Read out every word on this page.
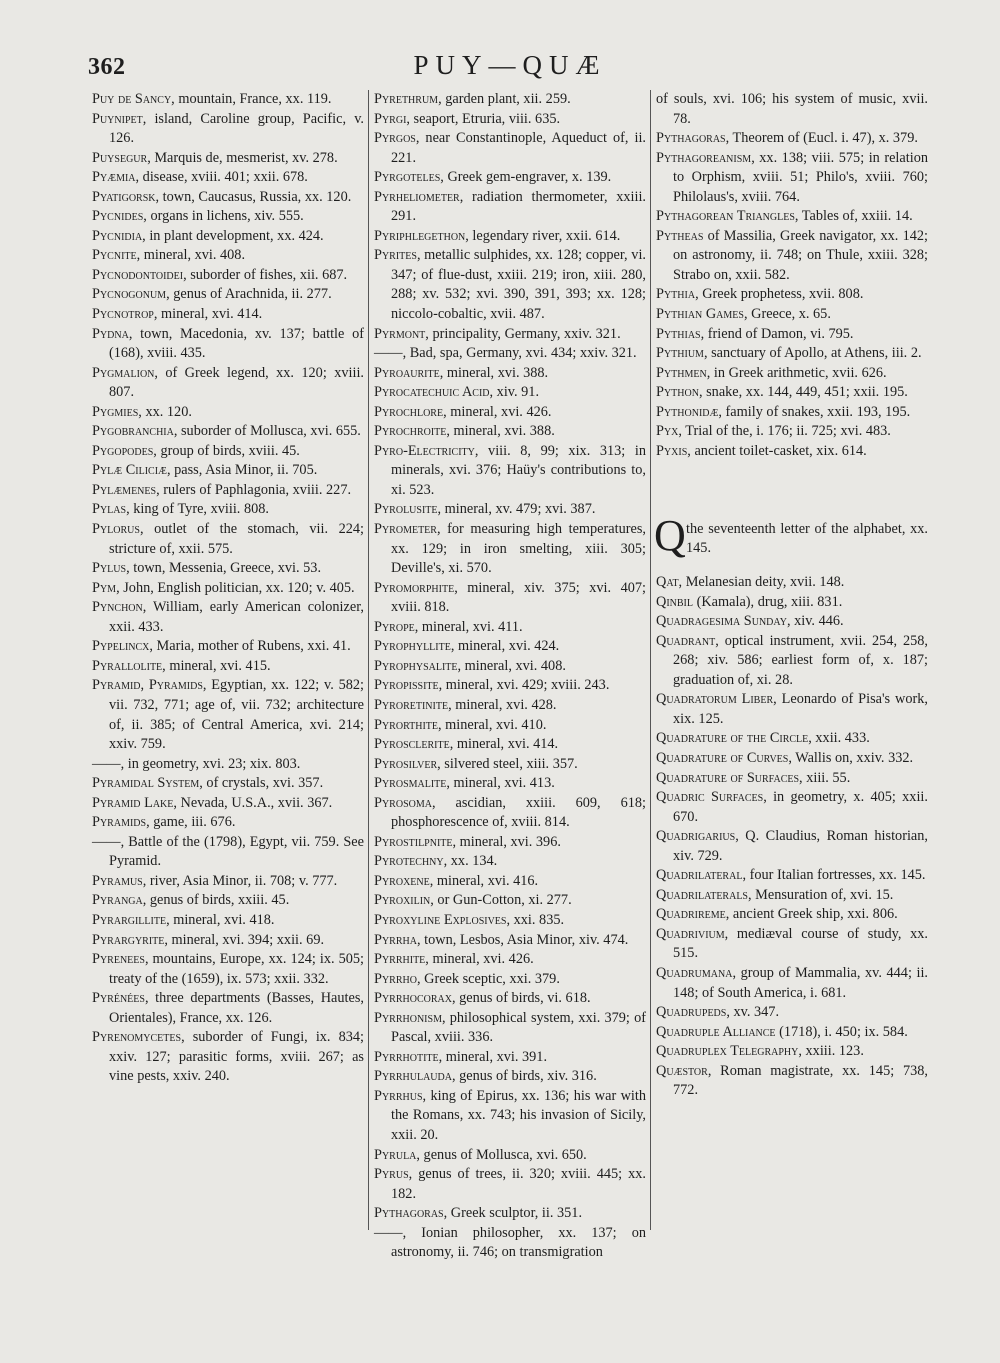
362	PUY—QUÆ

Puy de Sancy, mountain, France, xx. 119.

Puynipet, island, Caroline group, Pacific, v. 126.

Puysegur, Marquis de, mesmerist, xv. 278.

Pyæmia, disease, xviii. 401; xxii. 678.

Pyatigorsk, town, Caucasus, Russia, xx. 120.

Pycnides, organs in lichens, xiv. 555.

Pycnidia, in plant development, xx. 424.

Pycnite, mineral, xvi. 408.

Pycnodontoidei, suborder of fishes, xii. 687.

Pycnogonum, genus of Arachnida, ii. 277.

Pycnotrop, mineral, xvi. 414.

Pydna, town, Macedonia, xv. 137; battle of (168), xviii. 435.

Pygmalion, of Greek legend, xx. 120; xviii. 807.

Pygmies, xx. 120.

Pygobranchia, suborder of Mollusca, xvi. 655.

Pygopodes, group of birds, xviii. 45.

Pylæ Ciliciæ, pass, Asia Minor, ii. 705.

Pylæmenes, rulers of Paphlagonia, xviii. 227.

Pylas, king of Tyre, xviii. 808.

Pylorus, outlet of the stomach, vii. 224; stricture of, xxii. 575.

Pylus, town, Messenia, Greece, xvi. 53.

Pym, John, English politician, xx. 120; v. 405.

Pynchon, William, early American colonizer, xxii. 433.

Pypelincx, Maria, mother of Rubens, xxi. 41.

Pyrallolite, mineral, xvi. 415.

Pyramid, Pyramids, Egyptian, xx. 122; v. 582; vii. 732, 771; age of, vii. 732; architecture of, ii. 385; of Central America, xvi. 214; xxiv. 759.

——, in geometry, xvi. 23; xix. 803.

Pyramidal System, of crystals, xvi. 357.

Pyramid Lake, Nevada, U.S.A., xvii. 367.

Pyramids, game, iii. 676.

——, Battle of the (1798), Egypt, vii. 759. See Pyramid.

Pyramus, river, Asia Minor, ii. 708; v. 777.

Pyranga, genus of birds, xxiii. 45.

Pyrargillite, mineral, xvi. 418.

Pyrargyrite, mineral, xvi. 394; xxii. 69.

Pyrenees, mountains, Europe, xx. 124; ix. 505; treaty of the (1659), ix. 573; xxii. 332.

Pyrénées, three departments (Basses, Hautes, Orientales), France, xx. 126.

Pyrenomycetes, suborder of Fungi, ix. 834; xxiv. 127; parasitic forms, xviii. 267; as vine pests, xxiv. 240.

Pyrethrum, garden plant, xii. 259.

Pyrgi, seaport, Etruria, viii. 635.

Pyrgos, near Constantinople, Aqueduct of, ii. 221.

Pyrgoteles, Greek gem-engraver, x. 139.

Pyrheliometer, radiation thermometer, xxiii. 291.

Pyriphlegethon, legendary river, xxii. 614.

Pyrites, metallic sulphides, xx. 128; copper, vi. 347; of flue-dust, xxiii. 219; iron, xiii. 280, 288; xv. 532; xvi. 390, 391, 393; xx. 128; niccolo-cobaltic, xvii. 487.

Pyrmont, principality, Germany, xxiv. 321.

——, Bad, spa, Germany, xvi. 434; xxiv. 321.

Pyroaurite, mineral, xvi. 388.

Pyrocatechuic Acid, xiv. 91.

Pyrochlore, mineral, xvi. 426.

Pyrochroite, mineral, xvi. 388.

Pyro-Electricity, viii. 8, 99; xix. 313; in minerals, xvi. 376; Haüy's contributions to, xi. 523.

Pyrolusite, mineral, xv. 479; xvi. 387.

Pyrometer, for measuring high temperatures, xx. 129; in iron smelting, xiii. 305; Deville's, xi. 570.

Pyromorphite, mineral, xiv. 375; xvi. 407; xviii. 818.

Pyrope, mineral, xvi. 411.

Pyrophyllite, mineral, xvi. 424.

Pyrophysalite, mineral, xvi. 408.

Pyropissite, mineral, xvi. 429; xviii. 243.

Pyroretinite, mineral, xvi. 428.

Pyrorthite, mineral, xvi. 410.

Pyrosclerite, mineral, xvi. 414.

Pyrosilver, silvered steel, xiii. 357.

Pyrosmalite, mineral, xvi. 413.

Pyrosoma, ascidian, xxiii. 609, 618; phosphorescence of, xviii. 814.

Pyrostilpnite, mineral, xvi. 396.

Pyrotechny, xx. 134.

Pyroxene, mineral, xvi. 416.

Pyroxilin, or Gun-Cotton, xi. 277.

Pyroxyline Explosives, xxi. 835.

Pyrrha, town, Lesbos, Asia Minor, xiv. 474.

Pyrrhite, mineral, xvi. 426.

Pyrrho, Greek sceptic, xxi. 379.

Pyrrhocorax, genus of birds, vi. 618.

Pyrrhonism, philosophical system, xxi. 379; of Pascal, xviii. 336.

Pyrrhotite, mineral, xvi. 391.

Pyrrhulauda, genus of birds, xiv. 316.

Pyrrhus, king of Epirus, xx. 136; his war with the Romans, xx. 743; his invasion of Sicily, xxii. 20.

Pyrula, genus of Mollusca, xvi. 650.

Pyrus, genus of trees, ii. 320; xviii. 445; xx. 182.

Pythagoras, Greek sculptor, ii. 351.

——, Ionian philosopher, xx. 137; on astronomy, ii. 746; on transmigration

of souls, xvi. 106; his system of music, xvii. 78.

Pythagoras, Theorem of (Eucl. i. 47), x. 379.

Pythagoreanism, xx. 138; viii. 575; in relation to Orphism, xviii. 51; Philo's, xviii. 760; Philolaus's, xviii. 764.

Pythagorean Triangles, Tables of, xxiii. 14.

Pytheas of Massilia, Greek navigator, xx. 142; on astronomy, ii. 748; on Thule, xxiii. 328; Strabo on, xxii. 582.

Pythia, Greek prophetess, xvii. 808.

Pythian Games, Greece, x. 65.

Pythias, friend of Damon, vi. 795.

Pythium, sanctuary of Apollo, at Athens, iii. 2.

Pythmen, in Greek arithmetic, xvii. 626.

Python, snake, xx. 144, 449, 451; xxii. 195.

Pythonidæ, family of snakes, xxii. 193, 195.

Pyx, Trial of the, i. 176; ii. 725; xvi. 483.

Pyxis, ancient toilet-casket, xix. 614.

Q the seventeenth letter of the alphabet, xx. 145.

Qat, Melanesian deity, xvii. 148.

Qinbil (Kamala), drug, xiii. 831.

Quadragesima Sunday, xiv. 446.

Quadrant, optical instrument, xvii. 254, 258, 268; xiv. 586; earliest form of, x. 187; graduation of, xi. 28.

Quadratorum Liber, Leonardo of Pisa's work, xix. 125.

Quadrature of the Circle, xxii. 433.

Quadrature of Curves, Wallis on, xxiv. 332.

Quadrature of Surfaces, xiii. 55.

Quadric Surfaces, in geometry, x. 405; xxii. 670.

Quadrigarius, Q. Claudius, Roman historian, xiv. 729.

Quadrilateral, four Italian fortresses, xx. 145.

Quadrilaterals, Mensuration of, xvi. 15.

Quadrireme, ancient Greek ship, xxi. 806.

Quadrivium, mediæval course of study, xx. 515.

Quadrumana, group of Mammalia, xv. 444; ii. 148; of South America, i. 681.

Quadrupeds, xv. 347.

Quadruple Alliance (1718), i. 450; ix. 584.

Quadruplex Telegraphy, xxiii. 123.

Quæstor, Roman magistrate, xx. 145; 738, 772.
